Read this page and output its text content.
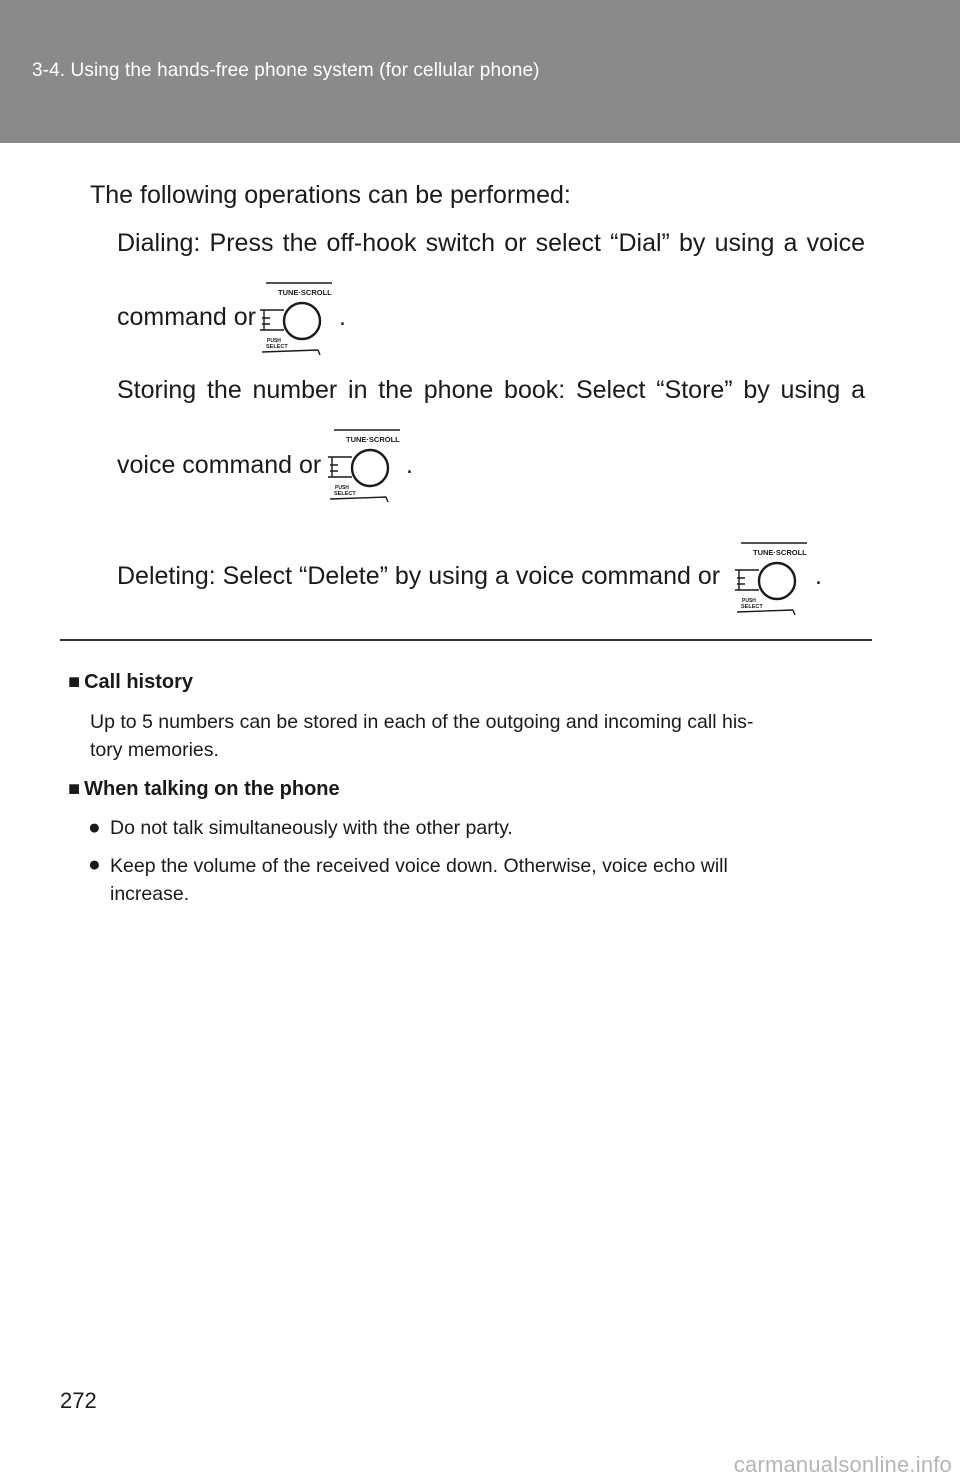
3-4. Using the hands-free phone system (for cellular phone)
The following operations can be performed:
Dialing: Press the off-hook switch or select “Dial” by using a voice
command or
TUNE·SCROLL
PUSH
SELECT
.
Storing the number in the phone book: Select “Store” by using a
voice command or
TUNE·SCROLL
PUSH
SELECT
.
Deleting: Select “Delete” by using a voice command or
TUNE·SCROLL
PUSH
SELECT
.
■ Call history
Up to 5 numbers can be stored in each of the outgoing and incoming call his-
tory memories.
■ When talking on the phone
● Do not talk simultaneously with the other party.
● Keep the volume of the received voice down. Otherwise, voice echo will
increase.
272
carmanualsonline.info
